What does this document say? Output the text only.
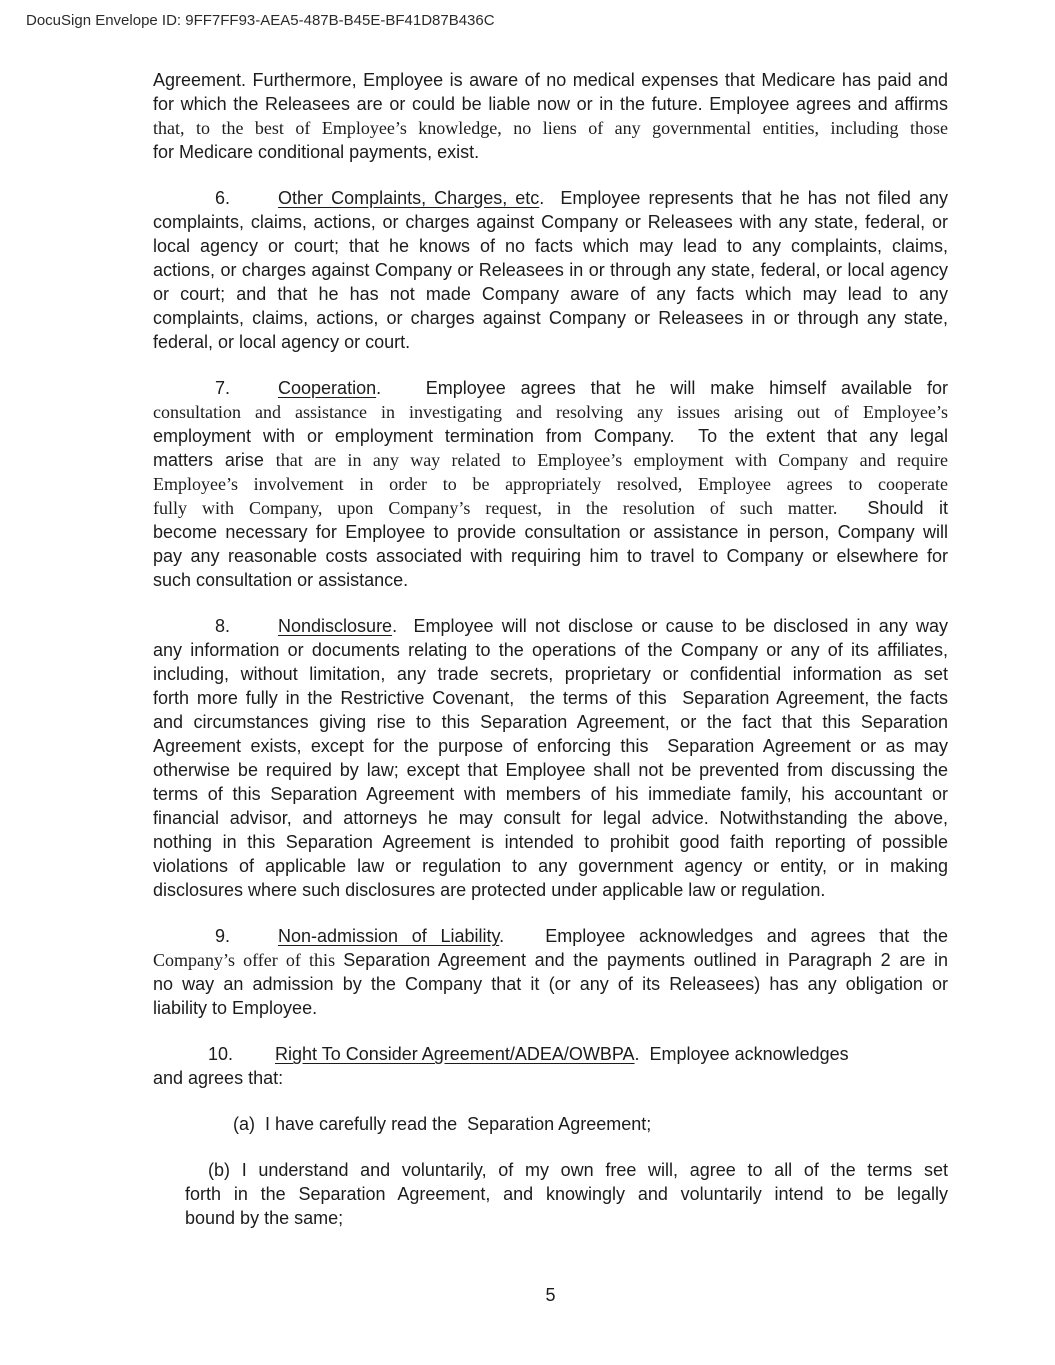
DocuSign Envelope ID: 9FF7FF93-AEA5-487B-B45E-BF41D87B436C
Agreement. Furthermore, Employee is aware of no medical expenses that Medicare has paid and
for which the Releasees are or could be liable now or in the future. Employee agrees and affirms
that, to the best of Employee’s knowledge, no liens of any governmental entities, including those
for Medicare conditional payments, exist.
6.	Other Complaints, Charges, etc.  Employee represents that he has not filed any
complaints, claims, actions, or charges against Company or Releasees with any state, federal, or
local agency or court; that he knows of no facts which may lead to any complaints, claims,
actions, or charges against Company or Releasees in or through any state, federal, or local agency
or court; and that he has not made Company aware of any facts which may lead to any
complaints, claims, actions, or charges against Company or Releasees in or through any state,
federal, or local agency or court.
7.	Cooperation.   Employee agrees that he will make himself available for
consultation and assistance in investigating and resolving any issues arising out of Employee’s
employment with or employment termination from Company.  To the extent that any legal
matters arise that are in any way related to Employee’s employment with Company and require
Employee’s involvement in order to be appropriately resolved, Employee agrees to cooperate
fully with Company, upon Company’s request, in the resolution of such matter.  Should it
become necessary for Employee to provide consultation or assistance in person, Company will
pay any reasonable costs associated with requiring him to travel to Company or elsewhere for
such consultation or assistance.
8.	Nondisclosure.  Employee will not disclose or cause to be disclosed in any way
any information or documents relating to the operations of the Company or any of its affiliates,
including, without limitation, any trade secrets, proprietary or confidential information as set
forth more fully in the Restrictive Covenant,  the terms of this  Separation Agreement, the facts
and circumstances giving rise to this Separation Agreement, or the fact that this Separation
Agreement exists, except for the purpose of enforcing this  Separation Agreement or as may
otherwise be required by law; except that Employee shall not be prevented from discussing the
terms of this Separation Agreement with members of his immediate family, his accountant or
financial advisor, and attorneys he may consult for legal advice. Notwithstanding the above,
nothing in this Separation Agreement is intended to prohibit good faith reporting of possible
violations of applicable law or regulation to any government agency or entity, or in making
disclosures where such disclosures are protected under applicable law or regulation.
9.	Non-admission of Liability.   Employee acknowledges and agrees that the
Company’s offer of this Separation Agreement and the payments outlined in Paragraph 2 are in
no way an admission by the Company that it (or any of its Releasees) has any obligation or
liability to Employee.
10. Right To Consider Agreement/ADEA/OWBPA.  Employee acknowledges
and agrees that:
(a)  I have carefully read the  Separation Agreement;
(b) I understand and voluntarily, of my own free will, agree to all of the terms set
forth in the Separation Agreement, and knowingly and voluntarily intend to be legally
bound by the same;
5
